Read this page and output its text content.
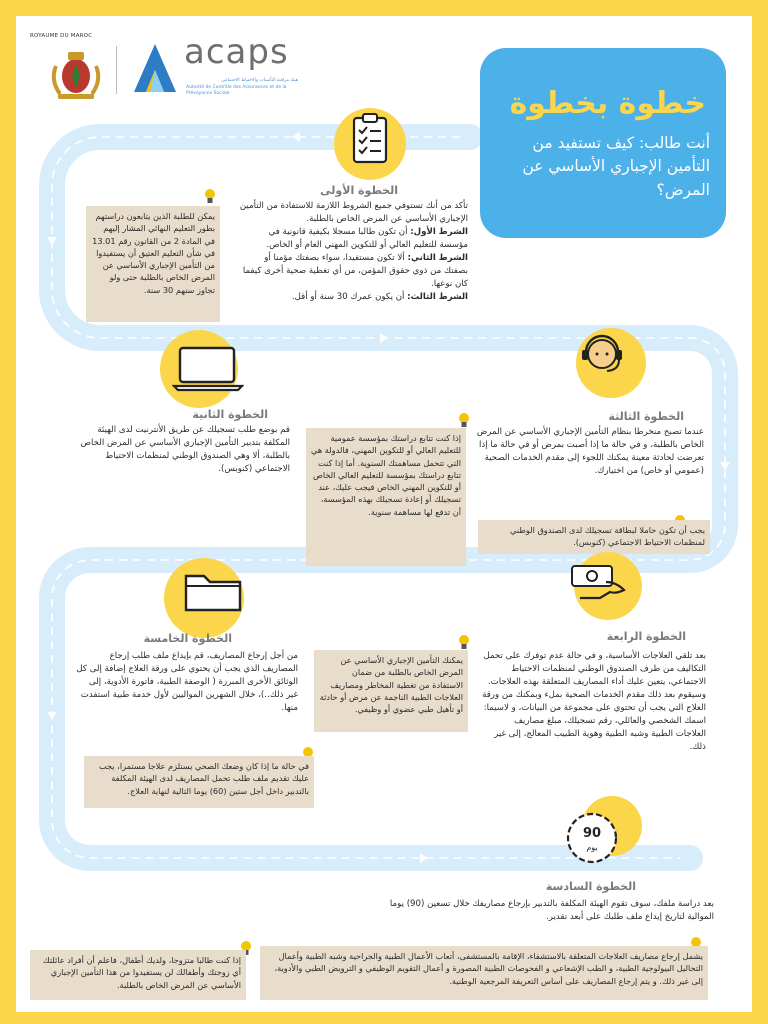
ROYAUME DU MAROC	acaps
هيئة مراقبة التأمينات والاحتياط الاجتماعي
Autorité de Contrôle des Assurances et de la Prévoyance Sociale	خطوة بخطوة
أنت طالب: كيف تستفيد من التأمين الإجباري الأساسي عن المرض؟
الخطوة الأولى
تأكد من أنك تستوفي جميع الشروط اللازمة للاستفادة من التأمين الإجباري الأساسي عن المرض الخاص بالطلبة.
الشرط الأول: أن تكون طالبا مسجلا بكيفية قانونية في مؤسسة للتعليم العالي أو للتكوين المهني العام أو الخاص.
الشرط الثاني: ألا تكون مستفيدا، سواء بصفتك مؤمنا أو بصفتك من ذوي حقوق المؤمن، من أي تغطية صحية أخرى كيفما كان نوعها.
الشرط الثالث: أن يكون عمرك 30 سنة أو أقل.
يمكن للطلبة الذين يتابعون دراستهم بطور التعليم النهائي المشار إليهم في المادة 2 من القانون رقم 13.01 في شأن التعليم العتيق أن يستفيدوا من التأمين الإجباري الأساسي عن المرض الخاص بالطلبة حتى ولو تجاوز سنهم 30 سنة.
الخطوة الثانية
قم بوضع طلب تسجيلك عن طريق الأنترنيت لدى الهيئة المكلفة بتدبير التأمين الإجباري الأساسي عن المرض الخاص بالطلبة، ألا وهي الصندوق الوطني لمنظمات الاحتياط الاجتماعي (كنوبس).
إذا كنت تتابع دراستك بمؤسسة عمومية للتعليم العالي أو للتكوين المهني، فالدولة هي التي تتحمل مساهمتك السنوية. أما إذا كنت تتابع دراستك بمؤسسة للتعليم العالي الخاص أو للتكوين المهني الخاص فيجب عليك، عند تسجيلك أو إعادة تسجيلك بهذه المؤسسة، أن تدفع لها مساهمة سنوية.
الخطوة الثالثة
عندما تصبح منخرطا بنظام التأمين الإجباري الأساسي عن المرض الخاص بالطلبة، و في حالة ما إذا أصبت بمرض أو في حالة ما إذا تعرضت لحادثة معينة يمكنك اللجوء إلى مقدم الخدمات الصحية (عمومي أو خاص) من اختيارك.
يجب أن تكون حاملا لبطاقة تسجيلك لدى الصندوق الوطني لمنظمات الاحتياط الاجتماعي (كنوبس).
الخطوة الرابعة
بعد تلقي العلاجات الأساسية، و في حالة عدم توفرك على تحمل التكاليف من طرف الصندوق الوطني لمنظمات الاحتياط الاجتماعي، يتعين عليك أداء المصاريف المتعلقة بهذه العلاجات. وسيقوم بعد ذلك مقدم الخدمات الصحية بملء وبمكنك من ورقة العلاج التي يجب أن تحتوي على مجموعة من البيانات، و لاسيما: اسمك الشخصي والعائلي، رقم تسجيلك، مبلغ مصاريف العلاجات الطبية وشبه الطبية وهوية الطبيب المعالج، إلى غير ذلك.
يمكنك التأمين الإجباري الأساسي عن المرض الخاص بالطلبة من ضمان الاستفادة من تغطية المخاطر ومصاريف العلاجات الطبية الناجمة عن مرض أو حادثة أو تأهيل طبي عضوي أو وظيفي.
الخطوة الخامسة
من أجل إرجاع المصاريف، قم بإيداع ملف طلب إرجاع المصاريف الذي يجب أن يحتوي على ورقة العلاج إضافة إلى كل الوثائق الأخرى المبررة ( الوصفة الطبية، فاتورة الأدوية، إلى غير ذلك..)، خلال الشهرين المواليين لأول خدمة طبية استفدت منها.
في حالة ما إذا كان وضعك الصحي يستلزم علاجا مستمرا، يجب عليك تقديم ملف طلب تحمل المصاريف لدى الهيئة المكلفة بالتدبير داخل أجل ستين (60) يوما التالية لنهاية العلاج.
90
يوم
الخطوة السادسة
بعد دراسة ملفك، سوف تقوم الهيئة المكلفة بالتدبير بإرجاع مصاريفك خلال تسعين (90) يوما الموالية لتاريخ إيداع ملف طلبك على أبعد تقدير.
يشمل إرجاع مصاريف العلاجات المتعلقة بالاستشفاء، الإقامة بالمستشفى، أتعاب الأعمال الطبية والجراحية وشبه الطبية وأعمال التحاليل البيولوجية الطبية، و الطب الإشعاعي و الفحوصات الطبية المصورة و أعمال التقويم الوظيفي و الترويض الطبي والأدوية، إلى غير ذلك. و يتم إرجاع المصاريف على أساس التعريفة المرجعية الوطنية.
إذا كنت طالبا متزوجا، ولديك أطفال، فاعلم أن أفراد عائلتك أي زوجتك وأطفالك لن يستفيدوا من هذا التأمين الإجباري الأساسي عن المرض الخاص بالطلبة.
